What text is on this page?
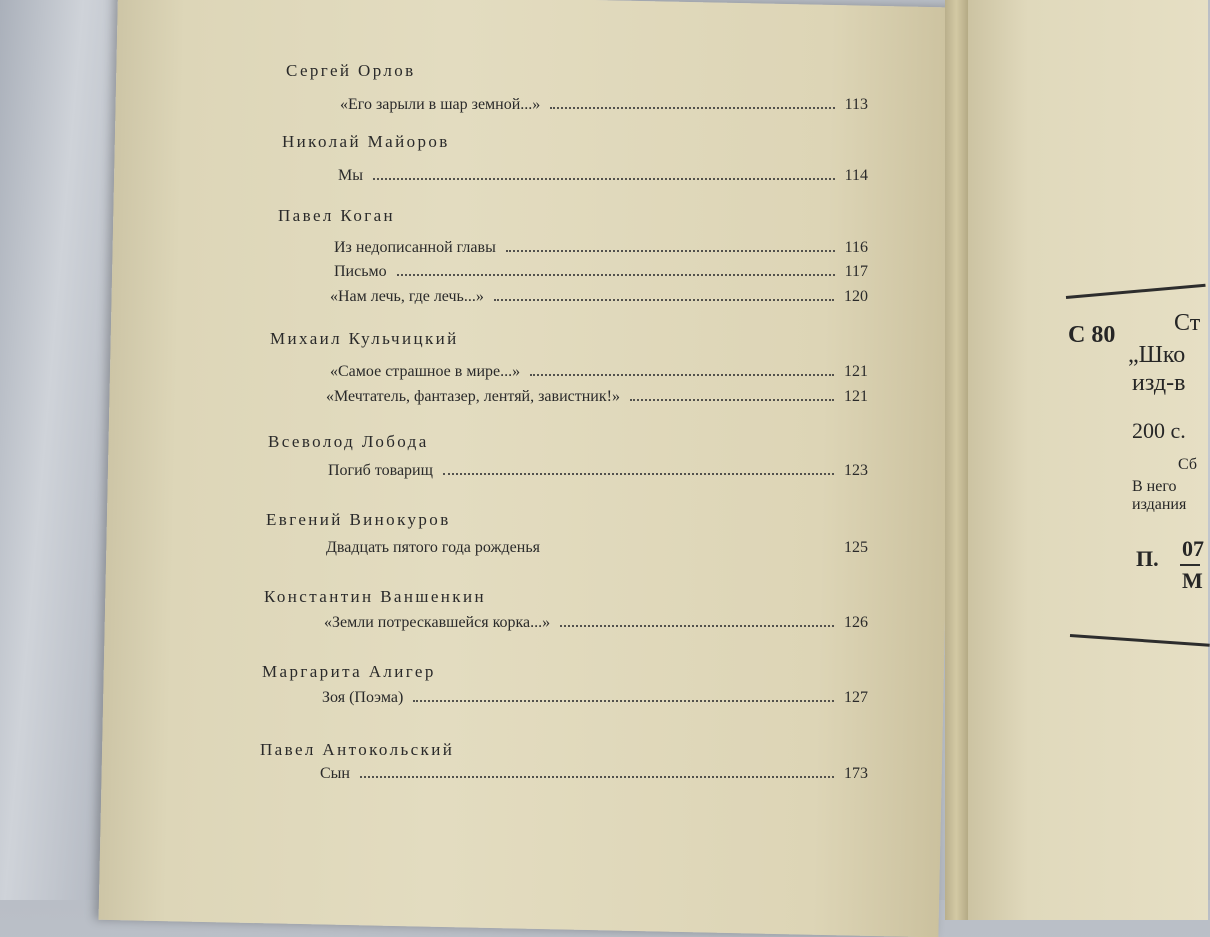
Сергей Орлов
«Его зарыли в шар земной...»	113
Николай Майоров
Мы	114
Павел Коган
Из недописанной главы	116
Письмо	117
«Нам лечь, где лечь...»	120
Михаил Кульчицкий
«Самое страшное в мире...»	121
«Мечтатель, фантазер, лентяй, завистник!»	121
Всеволод Лобода
Погиб товарищ	123
Евгений Винокуров
Двадцать пятого года рожденья	125
Константин Ваншенкин
«Земли потрескавшейся корка...»	126
Маргарита Алигер
Зоя (Поэма)	127
Павел Антокольский
Сын	173
С 80 Ст
„Шко
изд-в
200 с.
Сб
В него
издания
П. 07
М
